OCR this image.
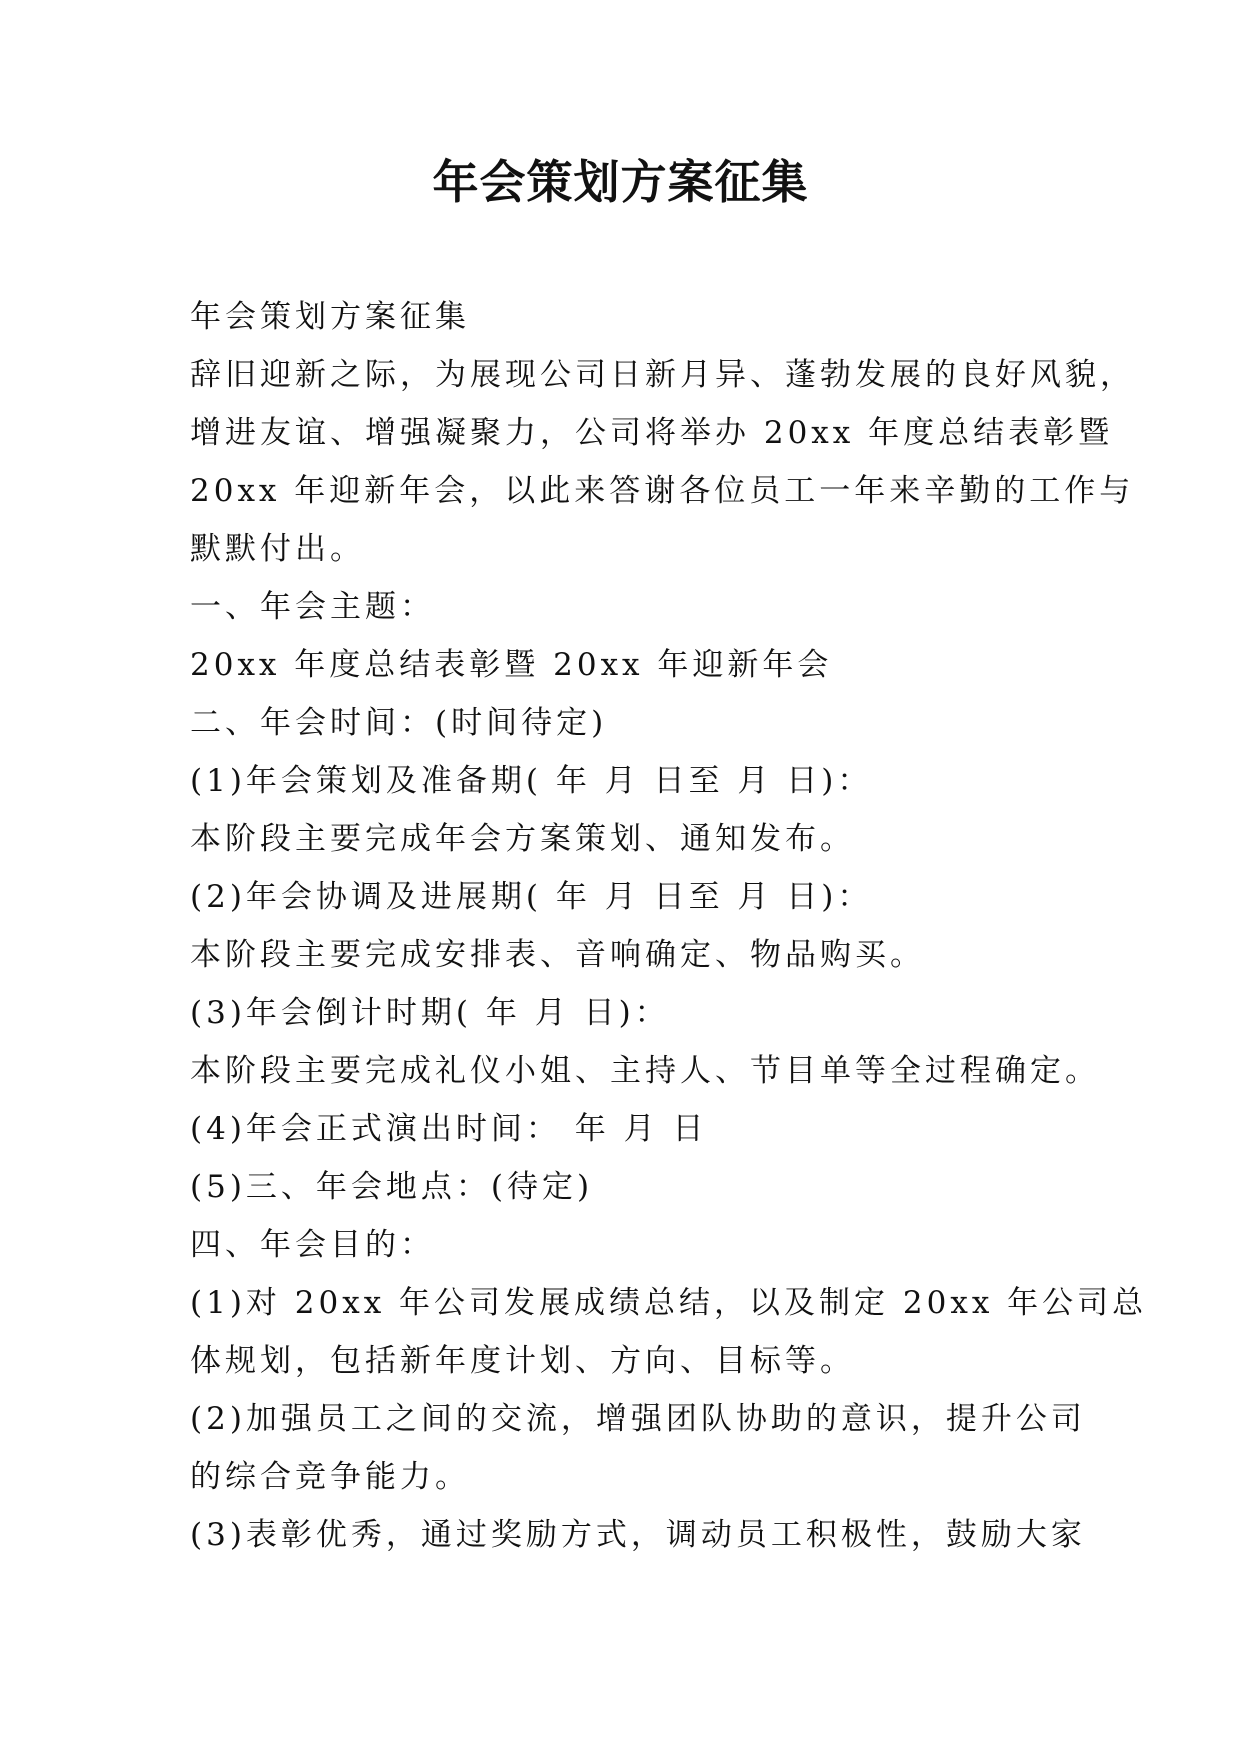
年会策划方案征集

年会策划方案征集

辞旧迎新之际，为展现公司日新月异、蓬勃发展的良好风貌，

增进友谊、增强凝聚力，公司将举办 20xx 年度总结表彰暨

20xx 年迎新年会，以此来答谢各位员工一年来辛勤的工作与

默默付出。

一、年会主题：

20xx 年度总结表彰暨 20xx 年迎新年会

二、年会时间：(时间待定)

(1)年会策划及准备期( 年 月 日至 月 日)：

本阶段主要完成年会方案策划、通知发布。

(2)年会协调及进展期( 年 月 日至 月 日)：

本阶段主要完成安排表、音响确定、物品购买。

(3)年会倒计时期( 年 月 日)：

本阶段主要完成礼仪小姐、主持人、节目单等全过程确定。

(4)年会正式演出时间： 年 月 日

(5)三、年会地点：(待定)

四、年会目的：

(1)对 20xx 年公司发展成绩总结，以及制定 20xx 年公司总

体规划，包括新年度计划、方向、目标等。

(2)加强员工之间的交流，增强团队协助的意识，提升公司

的综合竞争能力。

(3)表彰优秀，通过奖励方式，调动员工积极性，鼓励大家
